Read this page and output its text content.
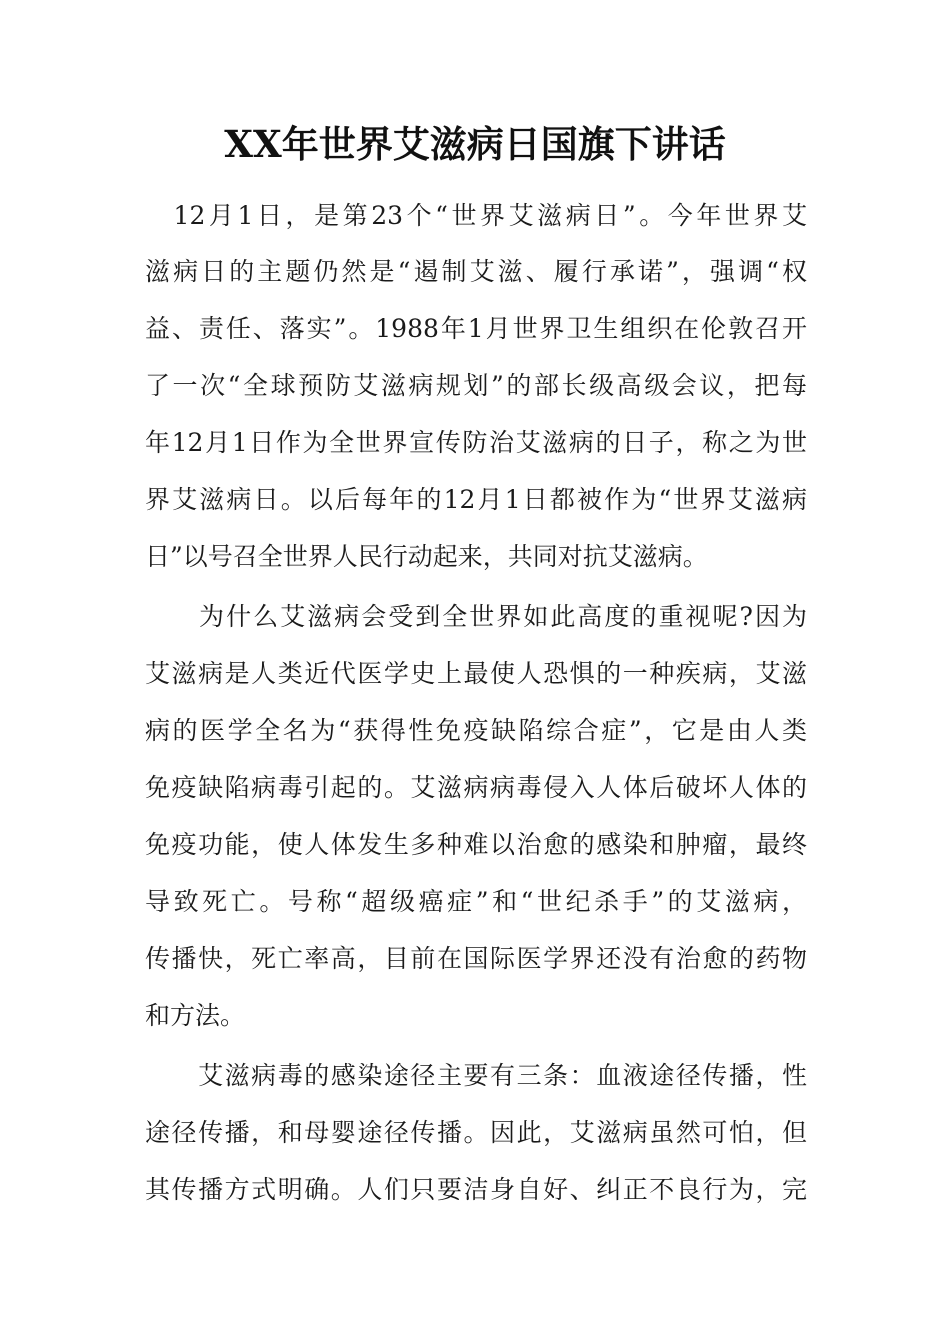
XX年世界艾滋病日国旗下讲话
　12月1日，是第23个“世界艾滋病日”。今年世界艾
滋病日的主题仍然是“遏制艾滋、履行承诺”，强调“权
益、责任、落实”。1988年1月世界卫生组织在伦敦召开
了一次“全球预防艾滋病规划”的部长级高级会议，把每
年12月1日作为全世界宣传防治艾滋病的日子，称之为世
界艾滋病日。以后每年的12月1日都被作为“世界艾滋病
日”以号召全世界人民行动起来，共同对抗艾滋病。
　　为什么艾滋病会受到全世界如此高度的重视呢?因为
艾滋病是人类近代医学史上最使人恐惧的一种疾病，艾滋
病的医学全名为“获得性免疫缺陷综合症”，它是由人类
免疫缺陷病毒引起的。艾滋病病毒侵入人体后破坏人体的
免疫功能，使人体发生多种难以治愈的感染和肿瘤，最终
导致死亡。号称“超级癌症”和“世纪杀手”的艾滋病，
传播快，死亡率高，目前在国际医学界还没有治愈的药物
和方法。
　　艾滋病毒的感染途径主要有三条：血液途径传播，性
途径传播，和母婴途径传播。因此，艾滋病虽然可怕，但
其传播方式明确。人们只要洁身自好、纠正不良行为，完
